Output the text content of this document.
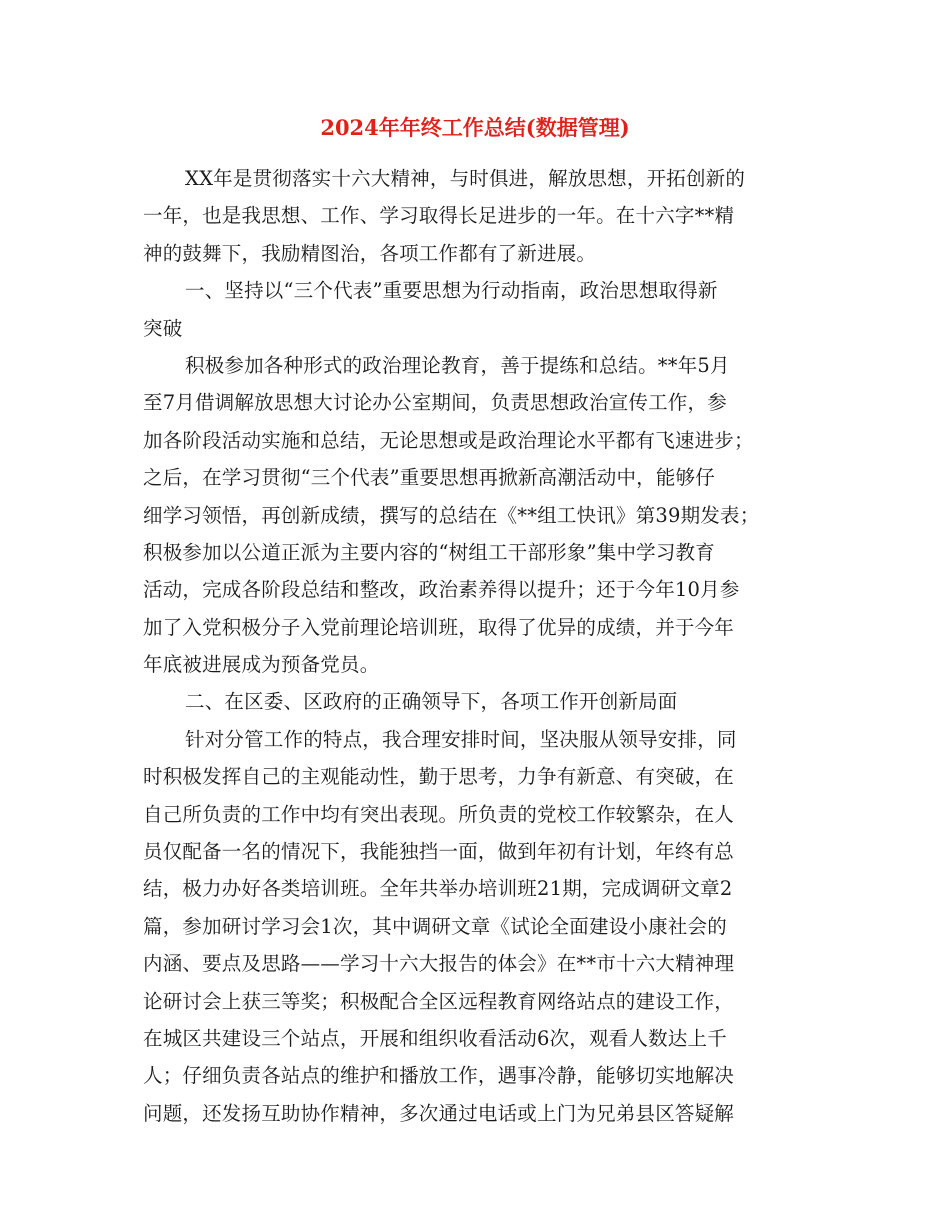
2024年年终工作总结(数据管理)
XX年是贯彻落实十六大精神，与时俱进，解放思想，开拓创新的
一年，也是我思想、工作、学习取得长足进步的一年。在十六字**精
神的鼓舞下，我励精图治，各项工作都有了新进展。
一、坚持以“三个代表”重要思想为行动指南，政治思想取得新
突破
积极参加各种形式的政治理论教育，善于提练和总结。**年5月
至7月借调解放思想大讨论办公室期间，负责思想政治宣传工作，参
加各阶段活动实施和总结，无论思想或是政治理论水平都有飞速进步；
之后，在学习贯彻“三个代表”重要思想再掀新高潮活动中，能够仔
细学习领悟，再创新成绩，撰写的总结在《**组工快讯》第39期发表；
积极参加以公道正派为主要内容的“树组工干部形象”集中学习教育
活动，完成各阶段总结和整改，政治素养得以提升；还于今年10月参
加了入党积极分子入党前理论培训班，取得了优异的成绩，并于今年
年底被进展成为预备党员。
二、在区委、区政府的正确领导下，各项工作开创新局面
针对分管工作的特点，我合理安排时间，坚决服从领导安排，同
时积极发挥自己的主观能动性，勤于思考，力争有新意、有突破，在
自己所负责的工作中均有突出表现。所负责的党校工作较繁杂，在人
员仅配备一名的情况下，我能独挡一面，做到年初有计划，年终有总
结，极力办好各类培训班。全年共举办培训班21期，完成调研文章2
篇，参加研讨学习会1次，其中调研文章《试论全面建设小康社会的
内涵、要点及思路——学习十六大报告的体会》在**市十六大精神理
论研讨会上获三等奖；积极配合全区远程教育网络站点的建设工作，
在城区共建设三个站点，开展和组织收看活动6次，观看人数达上千
人；仔细负责各站点的维护和播放工作，遇事冷静，能够切实地解决
问题，还发扬互助协作精神，多次通过电话或上门为兄弟县区答疑解
